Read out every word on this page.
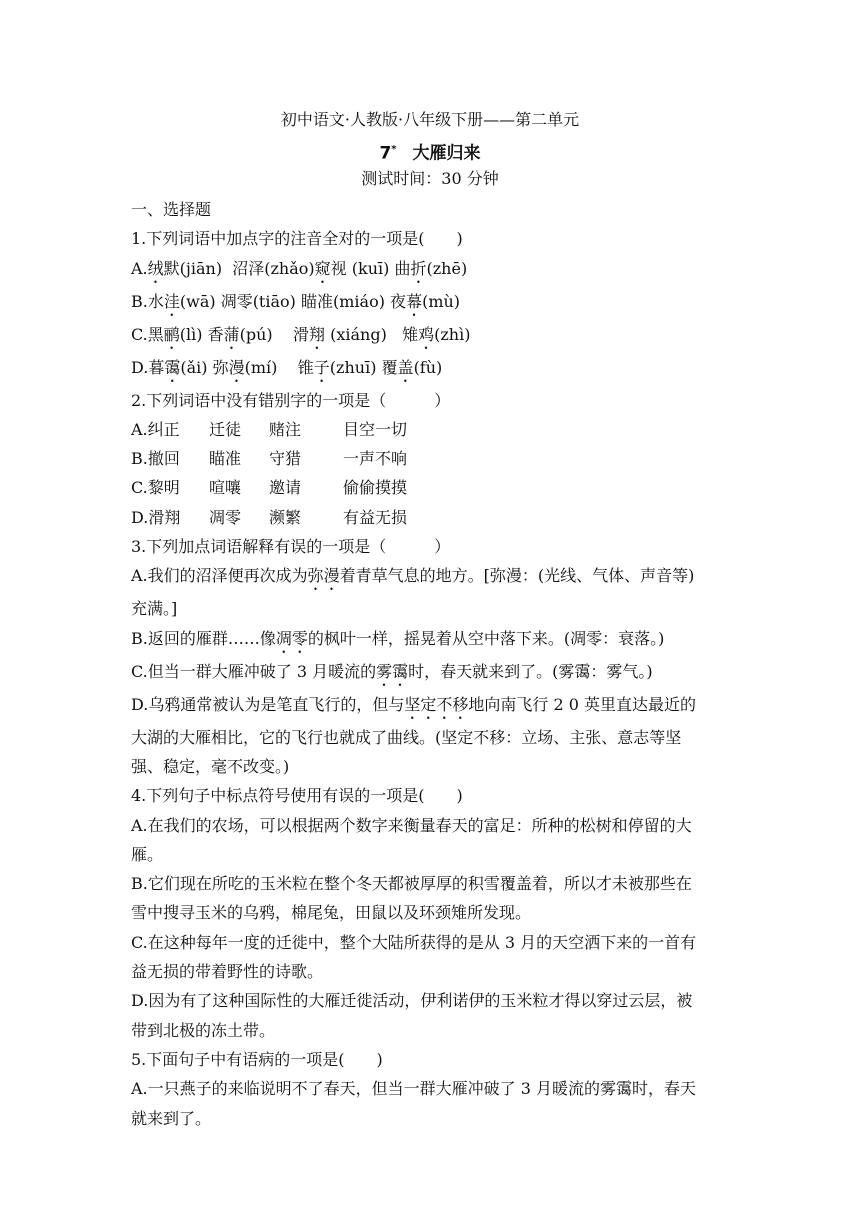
初中语文·人教版·八年级下册——第二单元
7* 大雁归来
测试时间：30 分钟
一、选择题
1.下列词语中加点字的注音全对的一项是(　　)
A.绒默(jiān) 沼泽(zhǎo)窥视 (kuī) 曲折(zhē)
B.水洼(wā) 凋零(tiāo) 瞄准(miáo) 夜幕(mù)
C.黑鹂(lì) 香蒲(pú) 滑翔 (xiáng) 雉鸡(zhì)
D.暮霭(ǎi) 弥漫(mí) 锥子(zhuī) 覆盖(fù)
2.下列词语中没有错别字的一项是（　　　）
A.纠正 迁徒 赌注	目空一切
B.撤回 瞄准 守猎	一声不响
C.黎明 喧嚷 邀请	偷偷摸摸
D.滑翔 凋零 濒繁	有益无损
3.下列加点词语解释有误的一项是（　　　）
A.我们的沼泽便再次成为弥漫着青草气息的地方。[弥漫：(光线、气体、声音等)
充满。]
B.返回的雁群……像凋零的枫叶一样，摇晃着从空中落下来。(凋零：衰落。)
C.但当一群大雁冲破了 3 月暖流的雾霭时，春天就来到了。(雾霭：雾气。)
D.乌鸦通常被认为是笔直飞行的，但与坚定不移地向南飞行 2 0 英里直达最近的
大湖的大雁相比，它的飞行也就成了曲线。(坚定不移：立场、主张、意志等坚
强、稳定，毫不改变。)
4.下列句子中标点符号使用有误的一项是(　　)
A.在我们的农场，可以根据两个数字来衡量春天的富足：所种的松树和停留的大
雁。
B.它们现在所吃的玉米粒在整个冬天都被厚厚的积雪覆盖着，所以才未被那些在
雪中搜寻玉米的乌鸦，棉尾兔，田鼠以及环颈雉所发现。
C.在这种每年一度的迁徙中，整个大陆所获得的是从 3 月的天空洒下来的一首有
益无损的带着野性的诗歌。
D.因为有了这种国际性的大雁迁徙活动，伊利诺伊的玉米粒才得以穿过云层，被
带到北极的冻土带。
5.下面句子中有语病的一项是(　　)
A.一只燕子的来临说明不了春天，但当一群大雁冲破了 3 月暖流的雾霭时，春天
就来到了。
